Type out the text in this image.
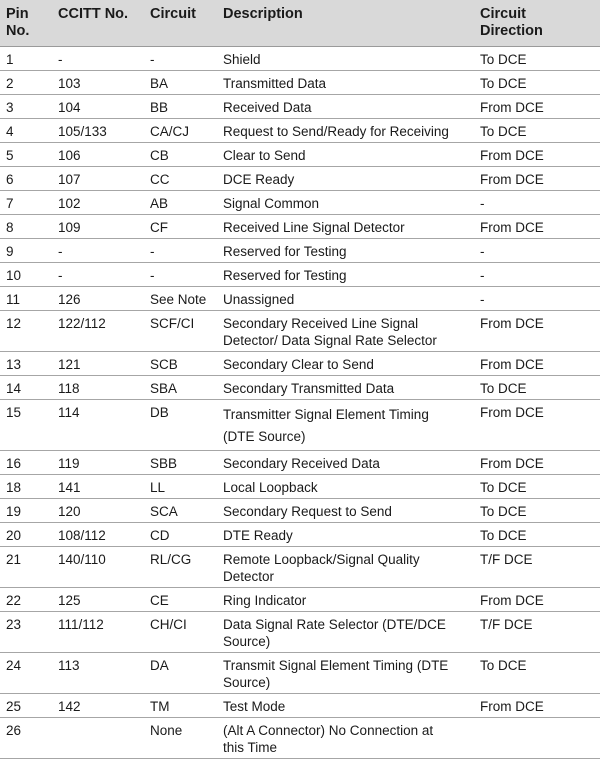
Pin
No.	CCITT No.	Circuit	Description	Circuit
Direction
1	-	-	Shield	To DCE
2	103	BA	Transmitted Data	To DCE
3	104	BB	Received Data	From DCE
4	105/133	CA/CJ	Request to Send/Ready for Receiving	To DCE
5	106	CB	Clear to Send	From DCE
6	107	CC	DCE Ready	From DCE
7	102	AB	Signal Common	-
8	109	CF	Received Line Signal Detector	From DCE
9	-	-	Reserved for Testing	-
10	-	-	Reserved for Testing	-
11	126	See Note	Unassigned	-
12	122/112	SCF/CI	Secondary Received Line Signal
Detector/ Data Signal Rate Selector	From DCE
13	121	SCB	Secondary Clear to Send	From DCE
14	118	SBA	Secondary Transmitted Data	To DCE
15	114	DB	Transmitter Signal Element Timing
(DTE Source)	From DCE
16	119	SBB	Secondary Received Data	From DCE
18	141	LL	Local Loopback	To DCE
19	120	SCA	Secondary Request to Send	To DCE
20	108/112	CD	DTE Ready	To DCE
21	140/110	RL/CG	Remote Loopback/Signal Quality
Detector	T/F DCE
22	125	CE	Ring Indicator	From DCE
23	111/112	CH/CI	Data Signal Rate Selector (DTE/DCE
Source)	T/F DCE
24	113	DA	Transmit Signal Element Timing (DTE
Source)	To DCE
25	142	TM	Test Mode	From DCE
26		None	(Alt A Connector) No Connection at
this Time	
